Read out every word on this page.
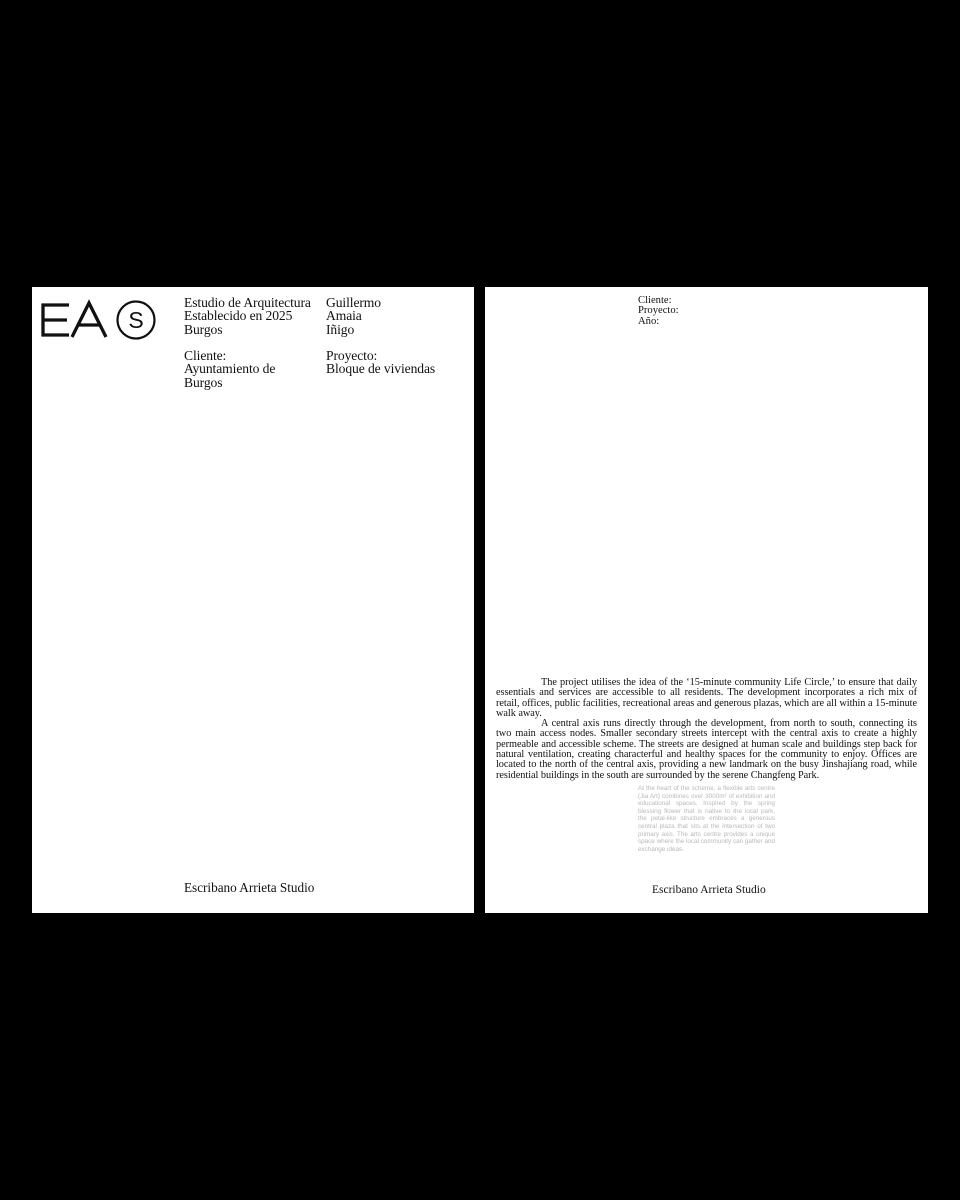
S
Estudio de Arquitectura
Establecido en 2025
Burgos
Guillermo
Amaia
Iñigo
Cliente:
Ayuntamiento de Burgos
Proyecto:
Bloque de viviendas
Escribano Arrieta Studio
Cliente:
Proyecto:
Año:

The project utilises the idea of the ‘15-minute community Life Circle,’ to ensure that daily essentials and services are accessible to all residents. The development incorporates a rich mix of retail, offices, public facilities, recreational areas and generous plazas, which are all within a 15-minute walk away.

A central axis runs directly through the development, from north to south, connecting its two main access nodes. Smaller secondary streets intercept with the central axis to create a highly permeable and accessible scheme. The streets are designed at human scale and buildings step back for natural ventilation, creating characterful and healthy spaces for the community to enjoy. Offices are located to the north of the central axis, providing a new landmark on the busy Jinshajiang road, while residential buildings in the south are surrounded by the serene Changfeng Park.

At the heart of the scheme, a flexible arts centre (Jia Art) combines over 3000m² of exhibition and educational spaces. Inspired by the spring blessing flower that is native to the local park, the petal-like structure embraces a generous central plaza that sits at the intersection of two primary axis. The arts centre provides a unique space where the local community can gather and exchange ideas.
Escribano Arrieta Studio
